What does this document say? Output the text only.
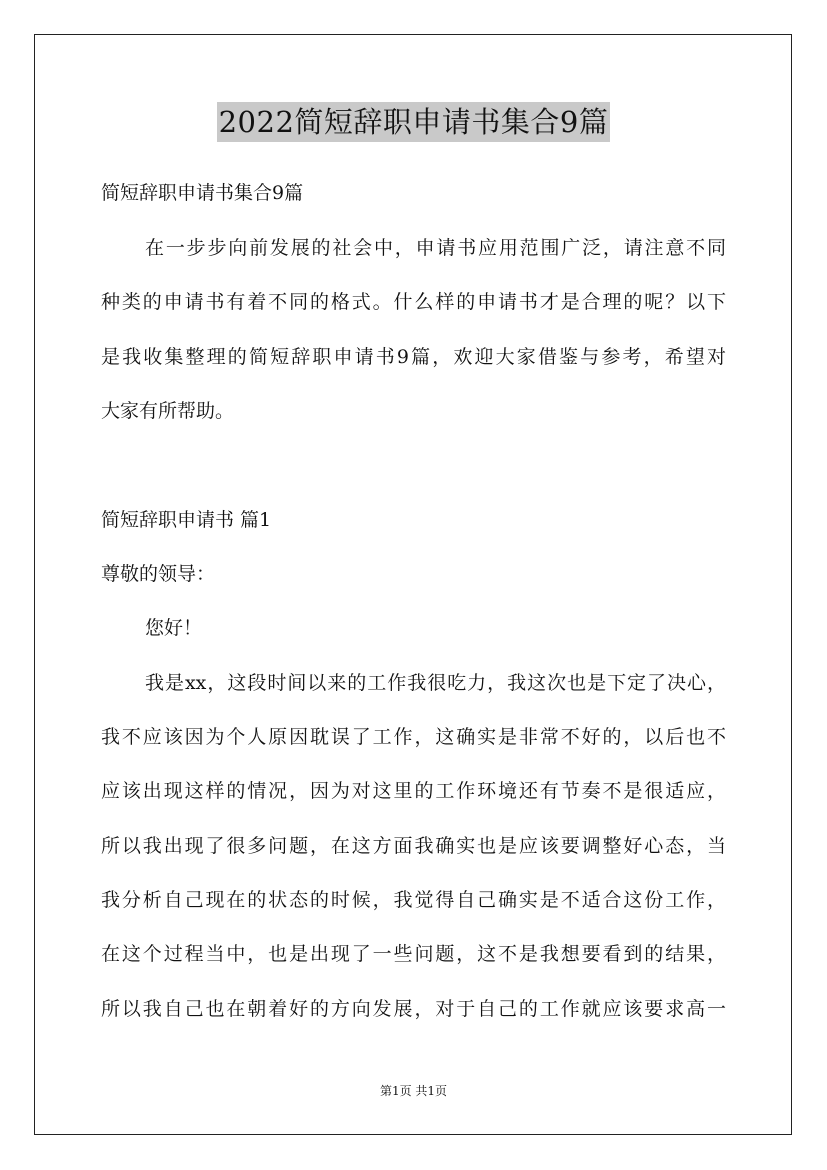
2022简短辞职申请书集合9篇
简短辞职申请书集合9篇
在一步步向前发展的社会中，申请书应用范围广泛，请注意不同
种类的申请书有着不同的格式。什么样的申请书才是合理的呢？以下
是我收集整理的简短辞职申请书9篇，欢迎大家借鉴与参考，希望对
大家有所帮助。
简短辞职申请书 篇1
尊敬的领导：
您好！
我是xx，这段时间以来的工作我很吃力，我这次也是下定了决心，
我不应该因为个人原因耽误了工作，这确实是非常不好的，以后也不
应该出现这样的情况，因为对这里的工作环境还有节奏不是很适应，
所以我出现了很多问题，在这方面我确实也是应该要调整好心态，当
我分析自己现在的状态的时候，我觉得自己确实是不适合这份工作，
在这个过程当中，也是出现了一些问题，这不是我想要看到的结果，
所以我自己也在朝着好的方向发展，对于自己的工作就应该要求高一
第1页 共1页
